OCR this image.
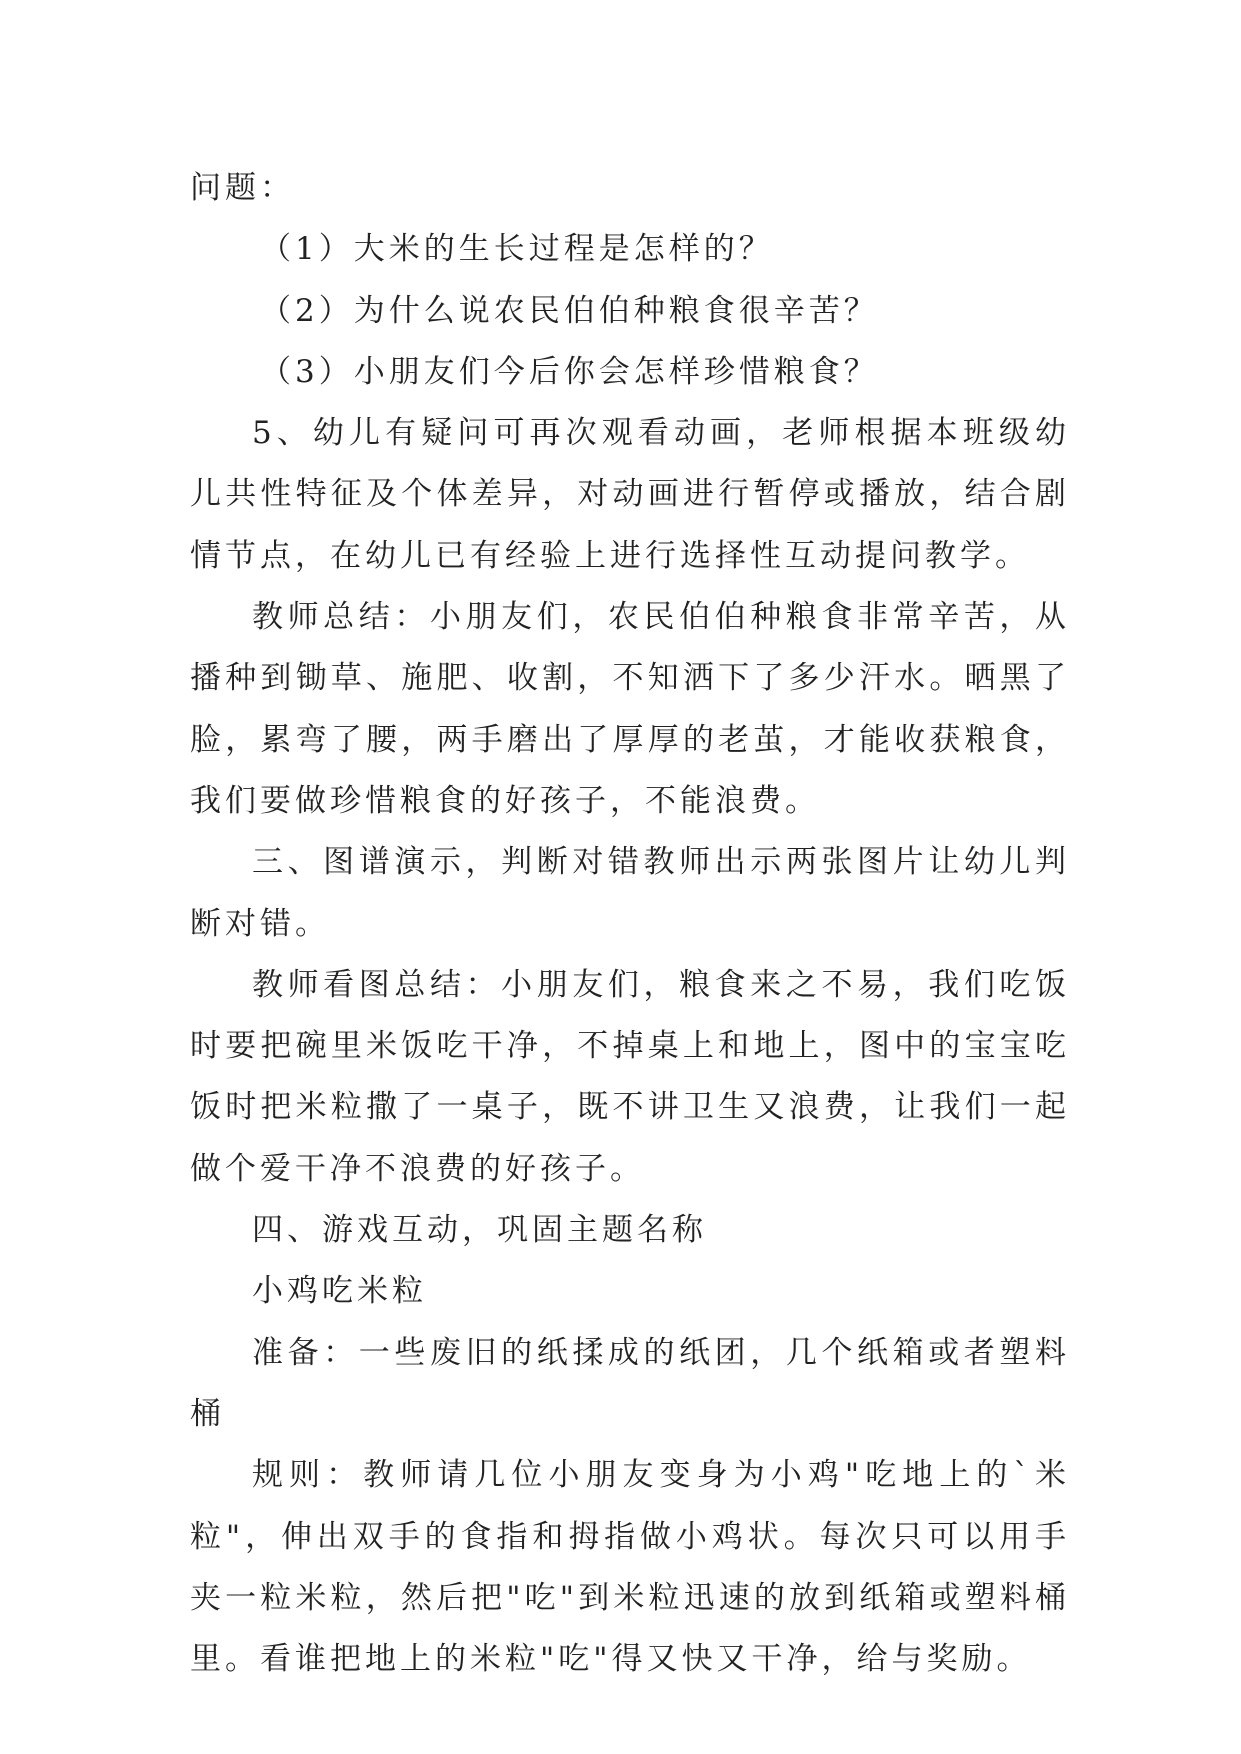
问题：

（1）大米的生长过程是怎样的？

（2）为什么说农民伯伯种粮食很辛苦？

（3）小朋友们今后你会怎样珍惜粮食？

5、幼儿有疑问可再次观看动画，老师根据本班级幼儿共性特征及个体差异，对动画进行暂停或播放，结合剧情节点，在幼儿已有经验上进行选择性互动提问教学。

教师总结：小朋友们，农民伯伯种粮食非常辛苦，从播种到锄草、施肥、收割，不知洒下了多少汗水。晒黑了脸，累弯了腰，两手磨出了厚厚的老茧，才能收获粮食，我们要做珍惜粮食的好孩子，不能浪费。

三、图谱演示，判断对错教师出示两张图片让幼儿判断对错。

教师看图总结：小朋友们，粮食来之不易，我们吃饭时要把碗里米饭吃干净，不掉桌上和地上，图中的宝宝吃饭时把米粒撒了一桌子，既不讲卫生又浪费，让我们一起做个爱干净不浪费的好孩子。

四、游戏互动，巩固主题名称

小鸡吃米粒

准备：一些废旧的纸揉成的纸团，几个纸箱或者塑料桶

规则：教师请几位小朋友变身为小鸡"吃地上的`米粒"，伸出双手的食指和拇指做小鸡状。每次只可以用手夹一粒米粒，然后把"吃"到米粒迅速的放到纸箱或塑料桶里。看谁把地上的米粒"吃"得又快又干净，给与奖励。
